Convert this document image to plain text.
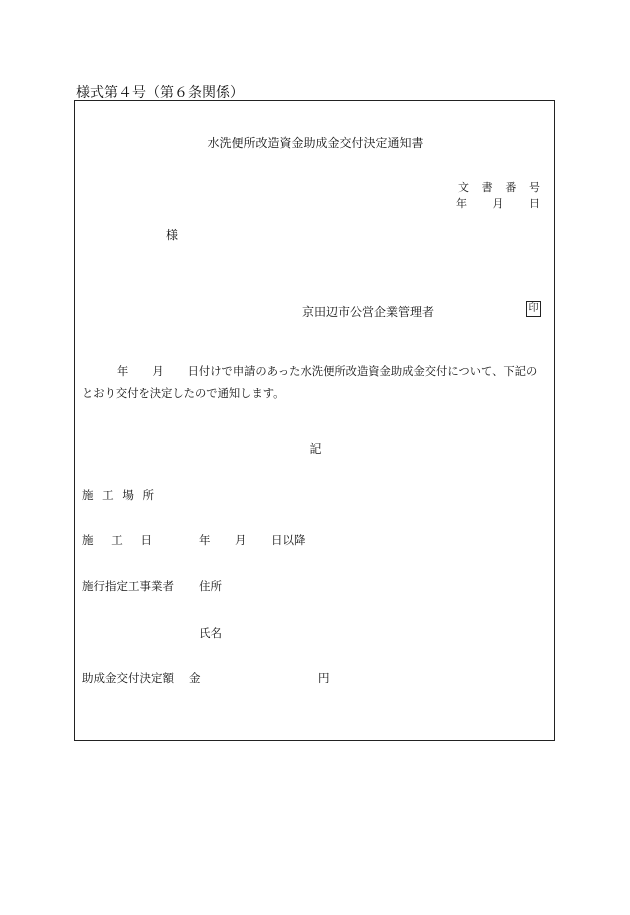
様式第４号（第６条関係）
水洗便所改造資金助成金交付決定通知書
文 書 番 号
年 月 日
様
京田辺市公営企業管理者	印
年 月 日付けで申請のあった水洗便所改造資金助成金交付について、下記の
とおり交付を決定したので通知します。
記
施 工 場 所
施 工 日	年 月 日以降
施行指定工事業者 住所
氏名
助成金交付決定額 金	円
